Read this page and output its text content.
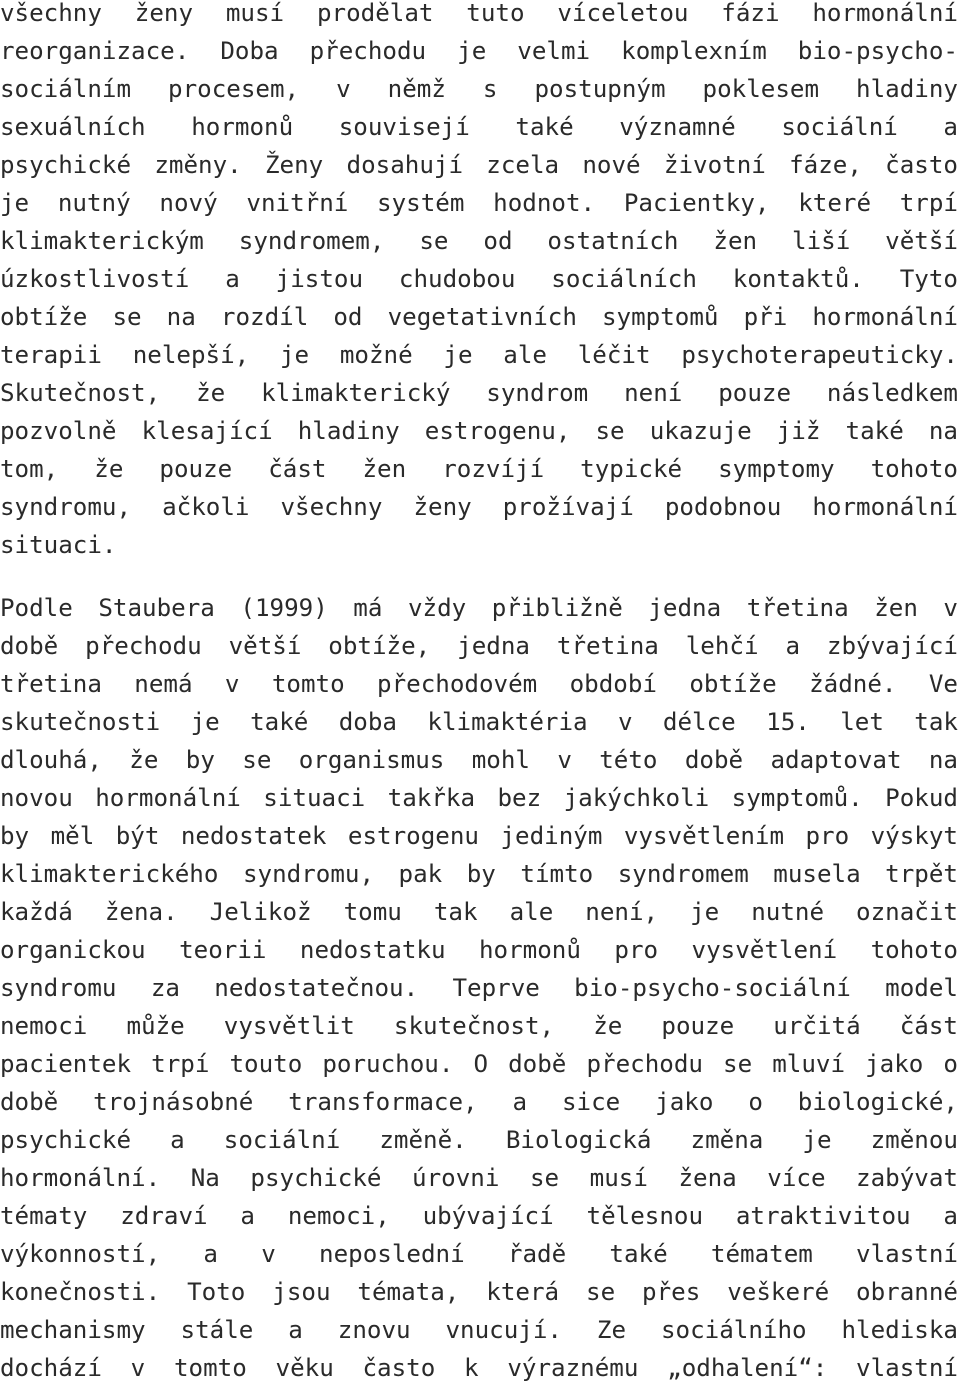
všechny ženy musí prodělat tuto víceletou fázi hormonální
reorganizace. Doba přechodu je velmi komplexním bio-psycho-
sociálním procesem, v němž s postupným poklesem hladiny
sexuálních hormonů souvisejí také významné sociální a
psychické změny. Ženy dosahují zcela nové životní fáze, často
je nutný nový vnitřní systém hodnot. Pacientky, které trpí
klimakterickým syndromem, se od ostatních žen liší větší
úzkostlivostí a jistou chudobou sociálních kontaktů. Tyto
obtíže se na rozdíl od vegetativních symptomů při hormonální
terapii nelepší, je možné je ale léčit psychoterapeuticky.
Skutečnost, že klimakterický syndrom není pouze následkem
pozvolně klesající hladiny estrogenu, se ukazuje již také na
tom, že pouze část žen rozvíjí typické symptomy tohoto
syndromu, ačkoli všechny ženy prožívají podobnou hormonální
situaci.
Podle Staubera (1999) má vždy přibližně jedna třetina žen v
době přechodu větší obtíže, jedna třetina lehčí a zbývající
třetina nemá v tomto přechodovém období obtíže žádné. Ve
skutečnosti je také doba klimaktéria v délce 15. let tak
dlouhá, že by se organismus mohl v této době adaptovat na
novou hormonální situaci takřka bez jakýchkoli symptomů. Pokud
by měl být nedostatek estrogenu jediným vysvětlením pro výskyt
klimakterického syndromu, pak by tímto syndromem musela trpět
každá žena. Jelikož tomu tak ale není, je nutné označit
organickou teorii nedostatku hormonů pro vysvětlení tohoto
syndromu za nedostatečnou. Teprve bio-psycho-sociální model
nemoci může vysvětlit skutečnost, že pouze určitá část
pacientek trpí touto poruchou. O době přechodu se mluví jako o
době trojnásobné transformace, a sice jako o biologické,
psychické a sociální změně. Biologická změna je změnou
hormonální. Na psychické úrovni se musí žena více zabývat
tématy zdraví a nemoci, ubývající tělesnou atraktivitou a
výkonností, a v neposlední řadě také tématem vlastní
konečnosti. Toto jsou témata, která se přes veškeré obranné
mechanismy stále a znovu vnucují. Ze sociálního hlediska
dochází v tomto věku často k výraznému „odhalení“: vlastní
